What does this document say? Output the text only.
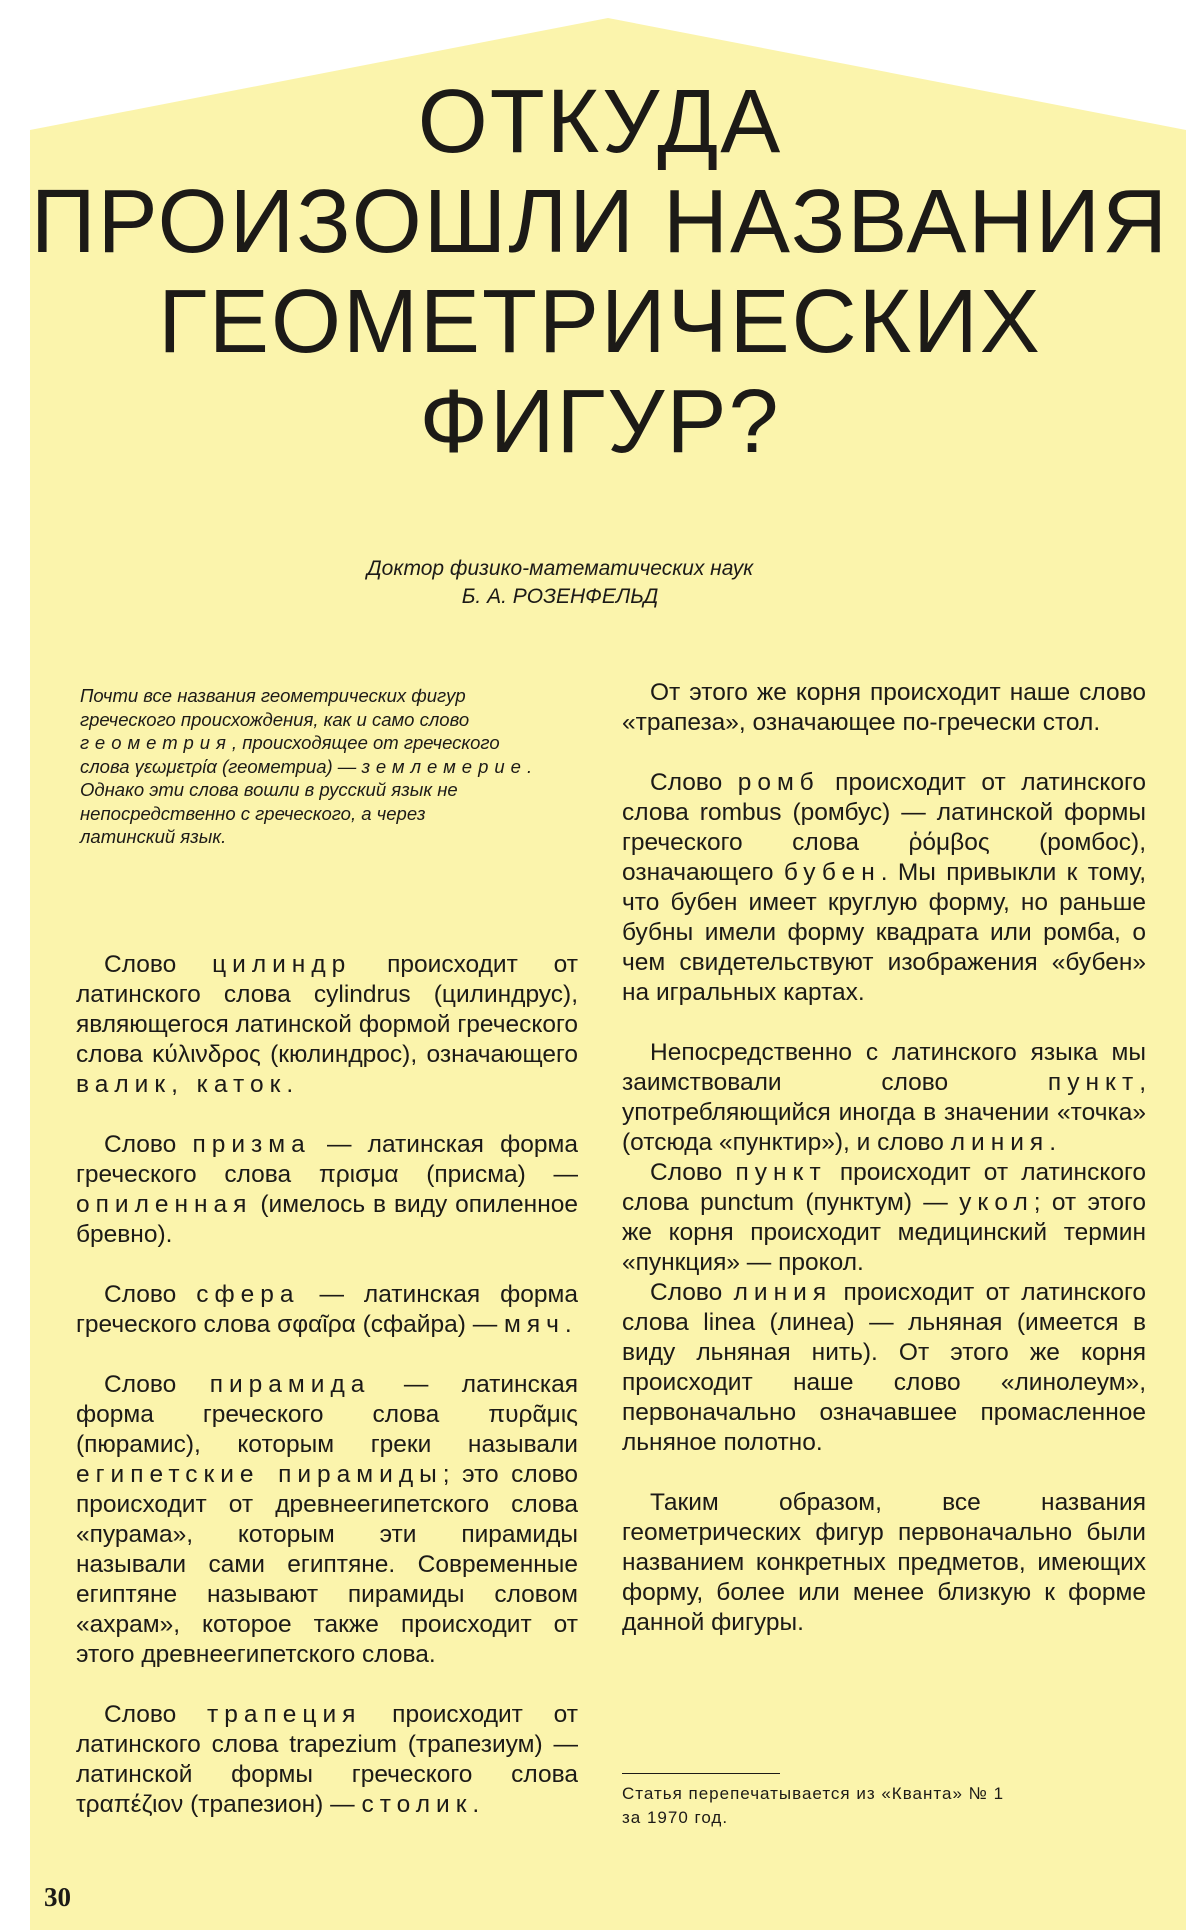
ОТКУДА
ПРОИЗОШЛИ НАЗВАНИЯ
ГЕОМЕТРИЧЕСКИХ
ФИГУР?
Доктор физико-математических наук
Б. А. РОЗЕНФЕЛЬД

Почти все названия геометрических фигур

греческого происхождения, как и само слово

геометрия, происходящее от греческого

слова γεωμετρία (геометриа) — землемерие.

Однако эти слова вошли в русский язык не

непосредственно с греческого, а через

латинский язык.

Слово цилиндр происходит от латинского слова cylindrus (цилиндрус), являющегося латинской формой греческого слова κύλινδρος (кюлиндрос), означающего валик, каток.

Слово призма — латинская форма греческого слова πρισμα (присма) — опиленная (имелось в виду опиленное бревно).

Слово сфера — латинская форма греческого слова σφαῖρα (сфайра) — мяч.

Слово пирамида — латинская форма греческого слова πυρᾶμις (пюрамис), которым греки называли египетские пирамиды; это слово происходит от древнеегипетского слова «пурама», которым эти пирамиды называли сами египтяне. Современные египтяне называют пирамиды словом «ахрам», которое также происходит от этого древнеегипетского слова.

Слово трапеция происходит от латинского слова trapezium (трапезиум) — латинской формы греческого слова τραπέζιον (трапезион) — столик.

От этого же корня происходит наше слово «трапеза», означающее по-гречески стол.

Слово ромб происходит от латинского слова rombus (ромбус) — латинской формы греческого слова ῥόμβος (ромбос), означающего бубен. Мы привыкли к тому, что бубен имеет круглую форму, но раньше бубны имели форму квадрата или ромба, о чем свидетельствуют изображения «бубен» на игральных картах.

Непосредственно с латинского языка мы заимствовали слово пункт, употребляющийся иногда в значении «точка» (отсюда «пунктир»), и слово линия.

Слово пункт происходит от латинского слова punctum (пунктум) — укол; от этого же корня происходит медицинский термин «пункция» — прокол.

Слово линия происходит от латинского слова linea (линеа) — льняная (имеется в виду льняная нить). От этого же корня происходит наше слово «линолеум», первоначально означавшее промасленное льняное полотно.

Таким образом, все названия геометрических фигур первоначально были названием конкретных предметов, имеющих форму, более или менее близкую к форме данной фигуры.

Статья перепечатывается из «Кванта» № 1

за 1970 год.

30
